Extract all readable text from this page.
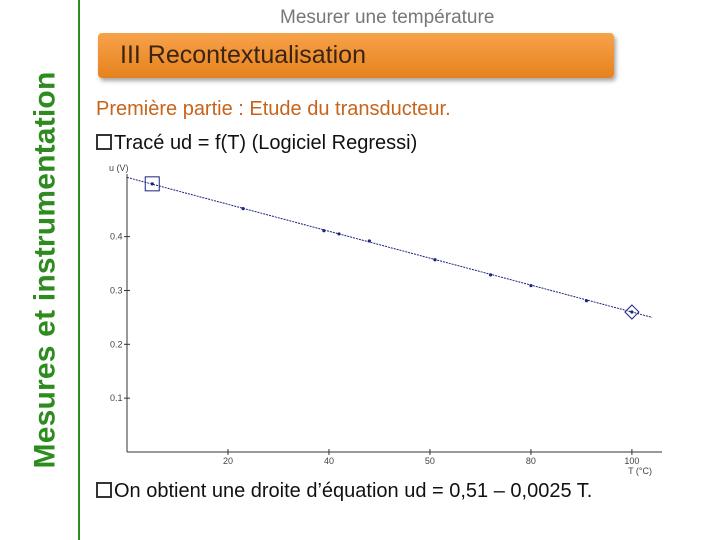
Mesures et instrumentation
Mesurer une température
III Recontextualisation
Première partie : Etude du transducteur.
Tracé ud = f(T) (Logiciel Regressi)
20	40	50	80	100
0.1
0.2
0.3
0.4
u (V)
T (°C)
On obtient une droite d’équation ud = 0,51 – 0,0025 T.
